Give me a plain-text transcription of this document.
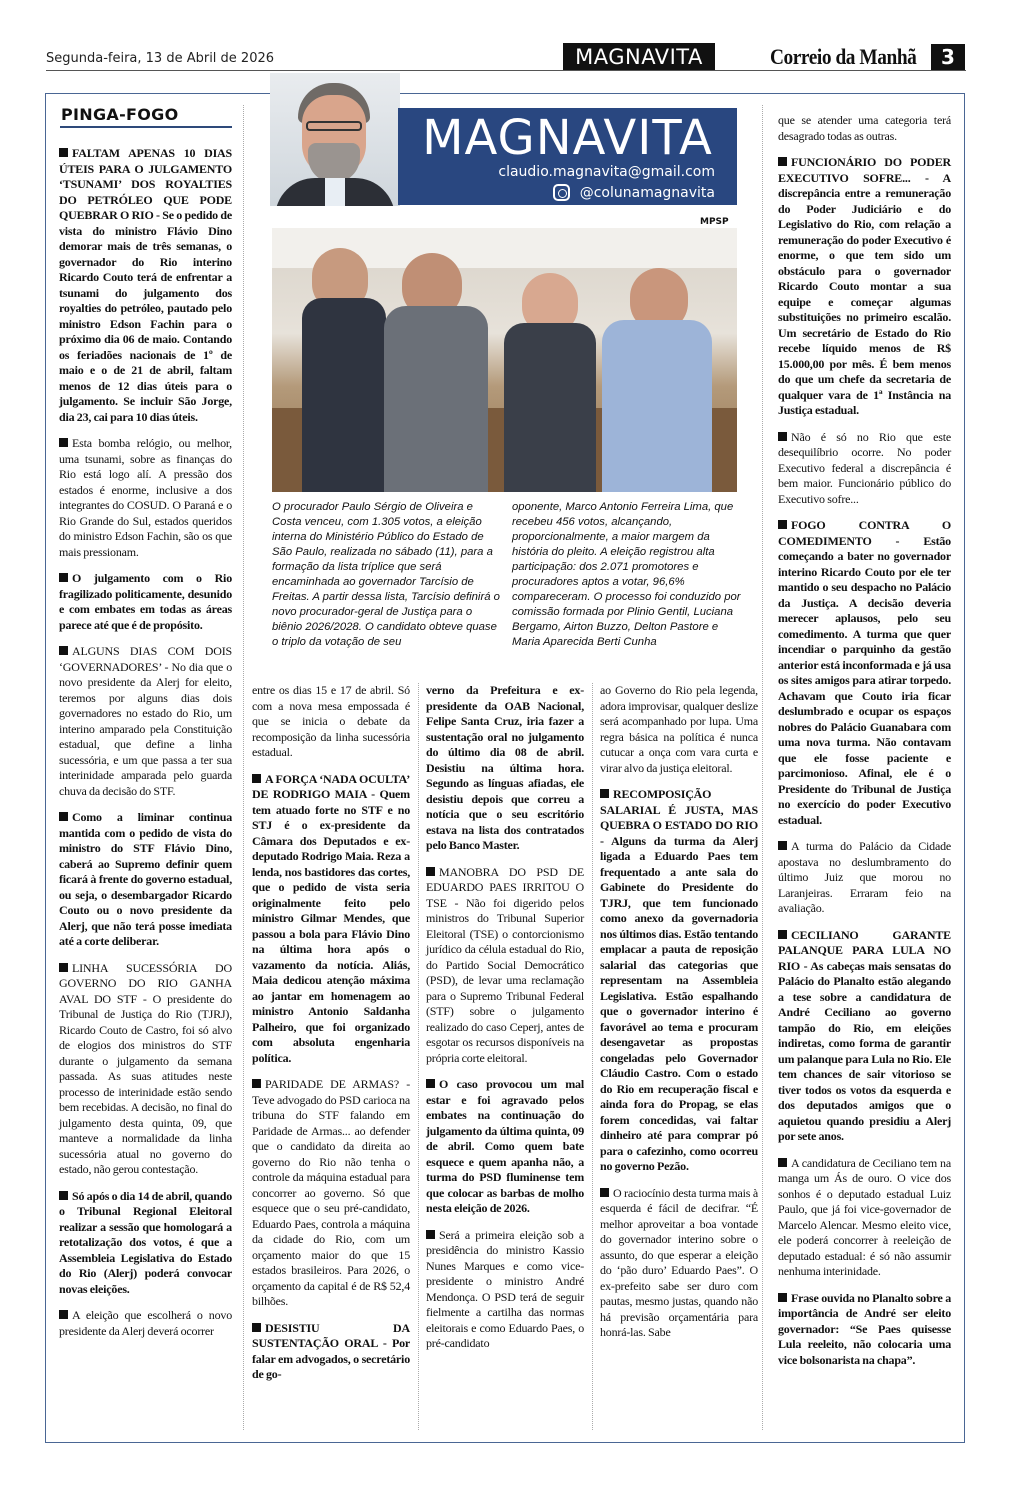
Segunda-feira, 13 de Abril de 2026	MAGNAVITA	Correio da Manhã	3
PINGA-FOGO	MAGNAVITA
claudio.magnavita@gmail.com
@colunamagnavita
MPSP
O procurador Paulo Sérgio de Oliveira e Costa venceu, com 1.305 votos, a eleição interna do Ministério Público do Estado de São Paulo, realizada no sábado (11), para a formação da lista tríplice que será encaminhada ao governador Tarcísio de Freitas. A partir dessa lista, Tarcísio definirá o novo procurador-geral de Justiça para o biênio 2026/2028. O candidato obteve quase o triplo da votação de seu
oponente, Marco Antonio Ferreira Lima, que recebeu 456 votos, alcançando, proporcionalmente, a maior margem da história do pleito. A eleição registrou alta participação: dos 2.071 promotores e procuradores aptos a votar, 96,6% compareceram. O processo foi conduzido por comissão formada por Plinio Gentil, Luciana Bergamo, Airton Buzzo, Delton Pastore e Maria Aparecida Berti Cunha

FALTAM APENAS 10 DIAS ÚTEIS PARA O JULGAMENTO ‘TSUNAMI’ DOS ROYALTIES DO PETRÓLEO QUE PODE QUEBRAR O RIO - Se o pedido de vista do ministro Flávio Dino demorar mais de três semanas, o governador do Rio interino Ricardo Couto terá de enfrentar a tsunami do julgamento dos royalties do petróleo, pautado pelo ministro Edson Fachin para o próximo dia 06 de maio. Contando os feriadões nacionais de 1º de maio e o de 21 de abril, faltam menos de 12 dias úteis para o julgamento. Se incluir São Jorge, dia 23, cai para 10 dias úteis.

Esta bomba relógio, ou melhor, uma tsunami, sobre as finanças do Rio está logo alí. A pressão dos estados é enorme, inclusive a dos integrantes do COSUD. O Paraná e o Rio Grande do Sul, estados queridos do ministro Edson Fachin, são os que mais pressionam.

O julgamento com o Rio fragilizado politicamente, desunido e com embates em todas as áreas parece até que é de propósito.

ALGUNS DIAS COM DOIS ‘GOVERNADORES’ - No dia que o novo presidente da Alerj for eleito, teremos por alguns dias dois governadores no estado do Rio, um interino amparado pela Constituição estadual, que define a linha sucessória, e um que passa a ter sua interinidade amparada pelo guarda chuva da decisão do STF.

Como a liminar continua mantida com o pedido de vista do ministro do STF Flávio Dino, caberá ao Supremo definir quem ficará à frente do governo estadual, ou seja, o desembargador Ricardo Couto ou o novo presidente da Alerj, que não terá posse imediata até a corte deliberar.

LINHA SUCESSÓRIA DO GOVERNO DO RIO GANHA AVAL DO STF - O presidente do Tribunal de Justiça do Rio (TJRJ), Ricardo Couto de Castro, foi só alvo de elogios dos ministros do STF durante o julgamento da semana passada. As suas atitudes neste processo de interinidade estão sendo bem recebidas. A decisão, no final do julgamento desta quinta, 09, que manteve a normalidade da linha sucessória atual no governo do estado, não gerou contestação.

Só após o dia 14 de abril, quando o Tribunal Regional Eleitoral realizar a sessão que homologará a retotalização dos votos, é que a Assembleia Legislativa do Estado do Rio (Alerj) poderá convocar novas eleições.

A eleição que escolherá o novo presidente da Alerj deverá ocorrer

entre os dias 15 e 17 de abril. Só com a nova mesa empossada é que se inicia o debate da recomposição da linha sucessória estadual.

A FORÇA ‘NADA OCULTA’ DE RODRIGO MAIA - Quem tem atuado forte no STF e no STJ é o ex-presidente da Câmara dos Deputados e ex-deputado Rodrigo Maia. Reza a lenda, nos bastidores das cortes, que o pedido de vista seria originalmente feito pelo ministro Gilmar Mendes, que passou a bola para Flávio Dino na última hora após o vazamento da notícia. Aliás, Maia dedicou atenção máxima ao jantar em homenagem ao ministro Antonio Saldanha Palheiro, que foi organizado com absoluta engenharia política.

PARIDADE DE ARMAS? - Teve advogado do PSD carioca na tribuna do STF falando em Paridade de Armas... ao defender que o candidato da direita ao governo do Rio não tenha o controle da máquina estadual para concorrer ao governo. Só que esquece que o seu pré-candidato, Eduardo Paes, controla a máquina da cidade do Rio, com um orçamento maior do que 15 estados brasileiros. Para 2026, o orçamento da capital é de R$ 52,4 bilhões.

DESISTIU DA SUSTENTAÇÃO ORAL - Por falar em advogados, o secretário de go-

verno da Prefeitura e ex-presidente da OAB Nacional, Felipe Santa Cruz, iria fazer a sustentação oral no julgamento do último dia 08 de abril. Desistiu na última hora. Segundo as línguas afiadas, ele desistiu depois que correu a notícia que o seu escritório estava na lista dos contratados pelo Banco Master.

MANOBRA DO PSD DE EDUARDO PAES IRRITOU O TSE - Não foi digerido pelos ministros do Tribunal Superior Eleitoral (TSE) o contorcionismo jurídico da célula estadual do Rio, do Partido Social Democrático (PSD), de levar uma reclamação para o Supremo Tribunal Federal (STF) sobre o julgamento realizado do caso Ceperj, antes de esgotar os recursos disponíveis na própria corte eleitoral.

O caso provocou um mal estar e foi agravado pelos embates na continuação do julgamento da última quinta, 09 de abril. Como quem bate esquece e quem apanha não, a turma do PSD fluminense tem que colocar as barbas de molho nesta eleição de 2026.

Será a primeira eleição sob a presidência do ministro Kassio Nunes Marques e como vice-presidente o ministro André Mendonça. O PSD terá de seguir fielmente a cartilha das normas eleitorais e como Eduardo Paes, o pré-candidato

ao Governo do Rio pela legenda, adora improvisar, qualquer deslize será acompanhado por lupa. Uma regra básica na política é nunca cutucar a onça com vara curta e virar alvo da justiça eleitoral.

RECOMPOSIÇÃO SALARIAL É JUSTA, MAS QUEBRA O ESTADO DO RIO - Alguns da turma da Alerj ligada a Eduardo Paes tem frequentado a ante sala do Gabinete do Presidente do TJRJ, que tem funcionado como anexo da governadoria nos últimos dias. Estão tentando emplacar a pauta de reposição salarial das categorias que representam na Assembleia Legislativa. Estão espalhando que o governador interino é favorável ao tema e procuram desengavetar as propostas congeladas pelo Governador Cláudio Castro. Com o estado do Rio em recuperação fiscal e ainda fora do Propag, se elas forem concedidas, vai faltar dinheiro até para comprar pó para o cafezinho, como ocorreu no governo Pezão.

O raciocínio desta turma mais à esquerda é fácil de decifrar. “É melhor aproveitar a boa vontade do governador interino sobre o assunto, do que esperar a eleição do ‘pão duro’ Eduardo Paes”. O ex-prefeito sabe ser duro com pautas, mesmo justas, quando não há previsão orçamentária para honrá-las. Sabe

que se atender uma categoria terá desagrado todas as outras.

FUNCIONÁRIO DO PODER EXECUTIVO SOFRE... - A discrepância entre a remuneração do Poder Judiciário e do Legislativo do Rio, com relação a remuneração do poder Executivo é enorme, o que tem sido um obstáculo para o governador Ricardo Couto montar a sua equipe e começar algumas substituições no primeiro escalão. Um secretário de Estado do Rio recebe líquido menos de R$ 15.000,00 por mês. É bem menos do que um chefe da secretaria de qualquer vara de 1ª Instância na Justiça estadual.

Não é só no Rio que este desequilíbrio ocorre. No poder Executivo federal a discrepância é bem maior. Funcionário público do Executivo sofre...

FOGO CONTRA O COMEDIMENTO - Estão começando a bater no governador interino Ricardo Couto por ele ter mantido o seu despacho no Palácio da Justiça. A decisão deveria merecer aplausos, pelo seu comedimento. A turma que quer incendiar o parquinho da gestão anterior está inconformada e já usa os sites amigos para atirar torpedo. Achavam que Couto iria ficar deslumbrado e ocupar os espaços nobres do Palácio Guanabara com uma nova turma. Não contavam que ele fosse paciente e parcimonioso. Afinal, ele é o Presidente do Tribunal de Justiça no exercício do poder Executivo estadual.

A turma do Palácio da Cidade apostava no deslumbramento do último Juiz que morou no Laranjeiras. Erraram feio na avaliação.

CECILIANO GARANTE PALANQUE PARA LULA NO RIO - As cabeças mais sensatas do Palácio do Planalto estão alegando a tese sobre a candidatura de André Ceciliano ao governo tampão do Rio, em eleições indiretas, como forma de garantir um palanque para Lula no Rio. Ele tem chances de sair vitorioso se tiver todos os votos da esquerda e dos deputados amigos que o aquietou quando presidiu a Alerj por sete anos.

A candidatura de Ceciliano tem na manga um Ás de ouro. O vice dos sonhos é o deputado estadual Luiz Paulo, que já foi vice-governador de Marcelo Alencar. Mesmo eleito vice, ele poderá concorrer à reeleição de deputado estadual: é só não assumir nenhuma interinidade.

Frase ouvida no Planalto sobre a importância de André ser eleito governador: “Se Paes quisesse Lula reeleito, não colocaria uma vice bolsonarista na chapa”.
